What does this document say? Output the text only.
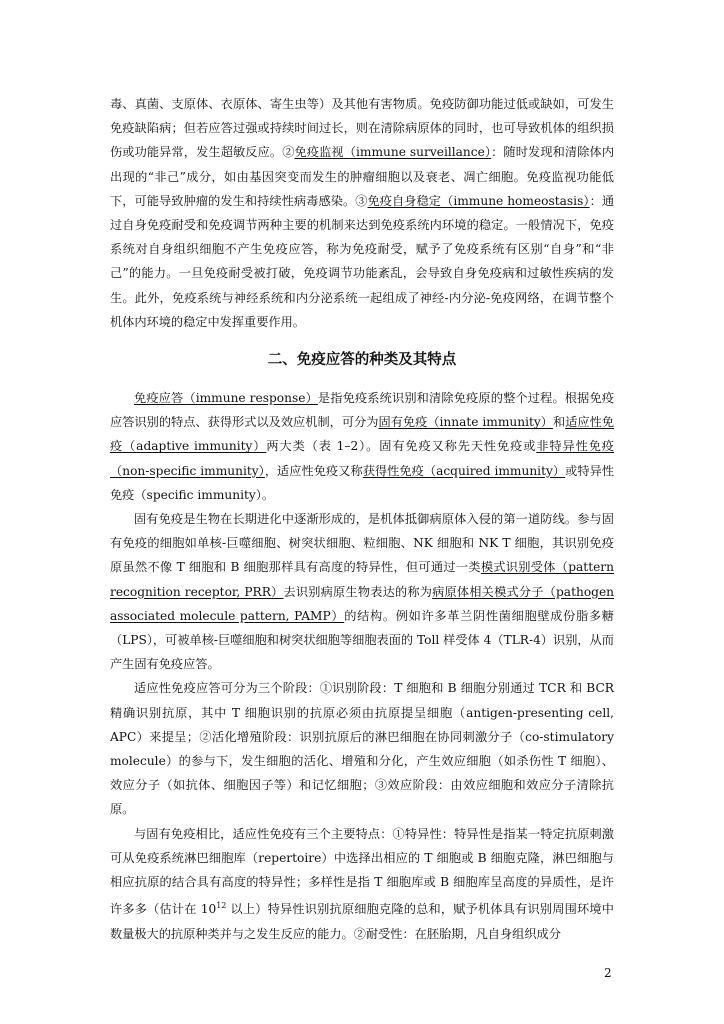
毒、真菌、支原体、衣原体、寄生虫等）及其他有害物质。免疫防御功能过低或缺如，可发生免疫缺陷病；但若应答过强或持续时间过长，则在清除病原体的同时，也可导致机体的组织损伤或功能异常，发生超敏反应。②免疫监视（immune surveillance）：随时发现和清除体内出现的“非己”成分，如由基因突变而发生的肿瘤细胞以及衰老、凋亡细胞。免疫监视功能低下，可能导致肿瘤的发生和持续性病毒感染。③免疫自身稳定（immune homeostasis）：通过自身免疫耐受和免疫调节两种主要的机制来达到免疫系统内环境的稳定。一般情况下，免疫系统对自身组织细胞不产生免疫应答，称为免疫耐受，赋予了免疫系统有区别“自身”和“非己”的能力。一旦免疫耐受被打破，免疫调节功能紊乱，会导致自身免疫病和过敏性疾病的发生。此外，免疫系统与神经系统和内分泌系统一起组成了神经-内分泌-免疫网络，在调节整个机体内环境的稳定中发挥重要作用。

二、免疫应答的种类及其特点

免疫应答（immune response）是指免疫系统识别和清除免疫原的整个过程。根据免疫应答识别的特点、获得形式以及效应机制，可分为固有免疫（innate immunity）和适应性免疫（adaptive immunity）两大类（表 1–2）。固有免疫又称先天性免疫或非特异性免疫（non-specific immunity），适应性免疫又称获得性免疫（acquired immunity）或特异性免疫（specific immunity）。

固有免疫是生物在长期进化中逐渐形成的，是机体抵御病原体入侵的第一道防线。参与固有免疫的细胞如单核-巨噬细胞、树突状细胞、粒细胞、NK 细胞和 NK T 细胞，其识别免疫原虽然不像 T 细胞和 B 细胞那样具有高度的特异性，但可通过一类模式识别受体（pattern recognition receptor, PRR）去识别病原生物表达的称为病原体相关模式分子（pathogen associated molecule pattern, PAMP）的结构。例如许多革兰阴性菌细胞壁成份脂多糖（LPS），可被单核-巨噬细胞和树突状细胞等细胞表面的 Toll 样受体 4（TLR-4）识别，从而产生固有免疫应答。

适应性免疫应答可分为三个阶段：①识别阶段：T 细胞和 B 细胞分别通过 TCR 和 BCR 精确识别抗原，其中 T 细胞识别的抗原必须由抗原提呈细胞（antigen-presenting cell, APC）来提呈；②活化增殖阶段：识别抗原后的淋巴细胞在协同刺激分子（co-stimulatory molecule）的参与下，发生细胞的活化、增殖和分化，产生效应细胞（如杀伤性 T 细胞）、效应分子（如抗体、细胞因子等）和记忆细胞；③效应阶段：由效应细胞和效应分子清除抗原。

与固有免疫相比，适应性免疫有三个主要特点：①特异性：特异性是指某一特定抗原刺激可从免疫系统淋巴细胞库（repertoire）中选择出相应的 T 细胞或 B 细胞克隆，淋巴细胞与相应抗原的结合具有高度的特异性；多样性是指 T 细胞库或 B 细胞库呈高度的异质性，是许许多多（估计在 $10^{12}$ 以上）特异性识别抗原细胞克隆的总和，赋予机体具有识别周围环境中数量极大的抗原种类并与之发生反应的能力。②耐受性：在胚胎期，凡自身组织成分

2
